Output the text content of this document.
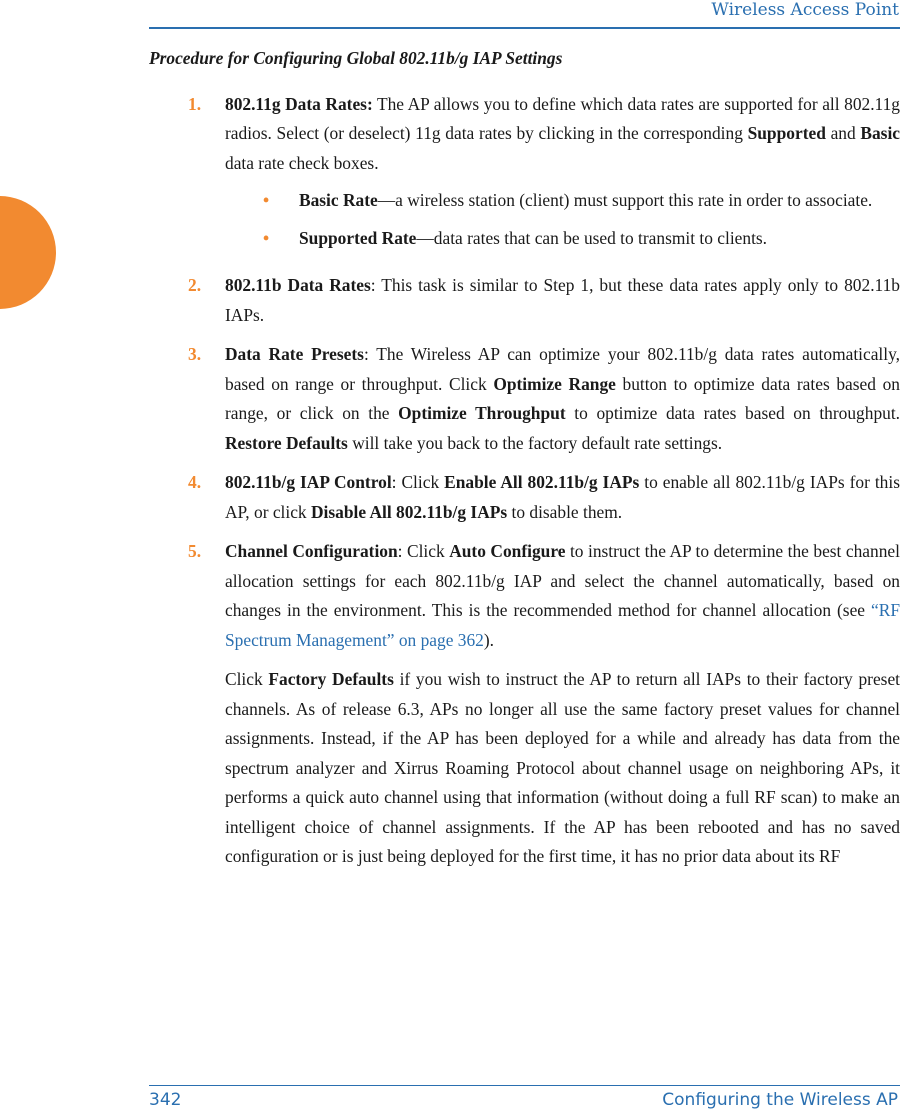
Wireless Access Point
Procedure for Configuring Global 802.11b/g IAP Settings
1.	802.11g Data Rates: The AP allows you to define which data rates are supported for all 802.11g radios. Select (or deselect) 11g data rates by clicking in the corresponding Supported and Basic data rate check boxes.
•	Basic Rate—a wireless station (client) must support this rate in order to associate.
•	Supported Rate—data rates that can be used to transmit to clients.
2.	802.11b Data Rates: This task is similar to Step 1, but these data rates apply only to 802.11b IAPs.
3.	Data Rate Presets: The Wireless AP can optimize your 802.11b/g data rates automatically, based on range or throughput. Click Optimize Range button to optimize data rates based on range, or click on the Optimize Throughput to optimize data rates based on throughput. Restore Defaults will take you back to the factory default rate settings.
4.	802.11b/g IAP Control: Click Enable All 802.11b/g IAPs to enable all 802.11b/g IAPs for this AP, or click Disable All 802.11b/g IAPs to disable them.
5.	Channel Configuration: Click Auto Configure to instruct the AP to determine the best channel allocation settings for each 802.11b/g IAP and select the channel automatically, based on changes in the environment. This is the recommended method for channel allocation (see “RF Spectrum Management” on page 362).
Click Factory Defaults if you wish to instruct the AP to return all IAPs to their factory preset channels. As of release 6.3, APs no longer all use the same factory preset values for channel assignments. Instead, if the AP has been deployed for a while and already has data from the spectrum analyzer and Xirrus Roaming Protocol about channel usage on neighboring APs, it performs a quick auto channel using that information (without doing a full RF scan) to make an intelligent choice of channel assignments. If the AP has been rebooted and has no saved configuration or is just being deployed for the first time, it has no prior data about its RF
342	Configuring the Wireless AP
